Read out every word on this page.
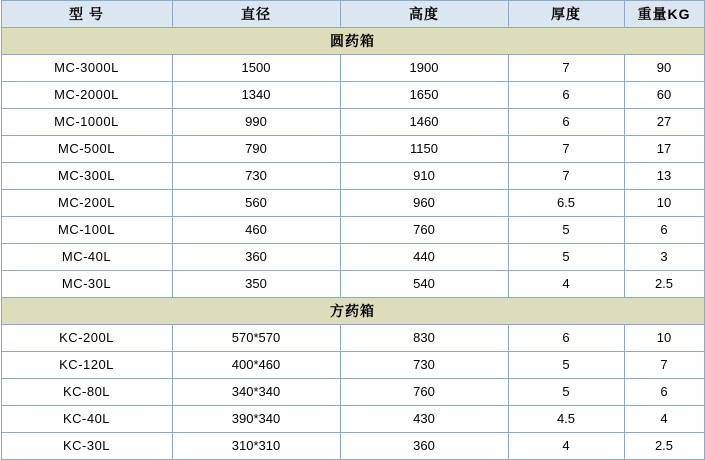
型 号	直径	高度	厚度	重量KG
圆药箱				
MC-3000L	1500	1900	7	90
MC-2000L	1340	1650	6	60
MC-1000L	990	1460	6	27
MC-500L	790	1150	7	17
MC-300L	730	910	7	13
MC-200L	560	960	6.5	10
MC-100L	460	760	5	6
MC-40L	360	440	5	3
MC-30L	350	540	4	2.5
方药箱				
KC-200L	570*570	830	6	10
KC-120L	400*460	730	5	7
KC-80L	340*340	760	5	6
KC-40L	390*340	430	4.5	4
KC-30L	310*310	360	4	2.5
